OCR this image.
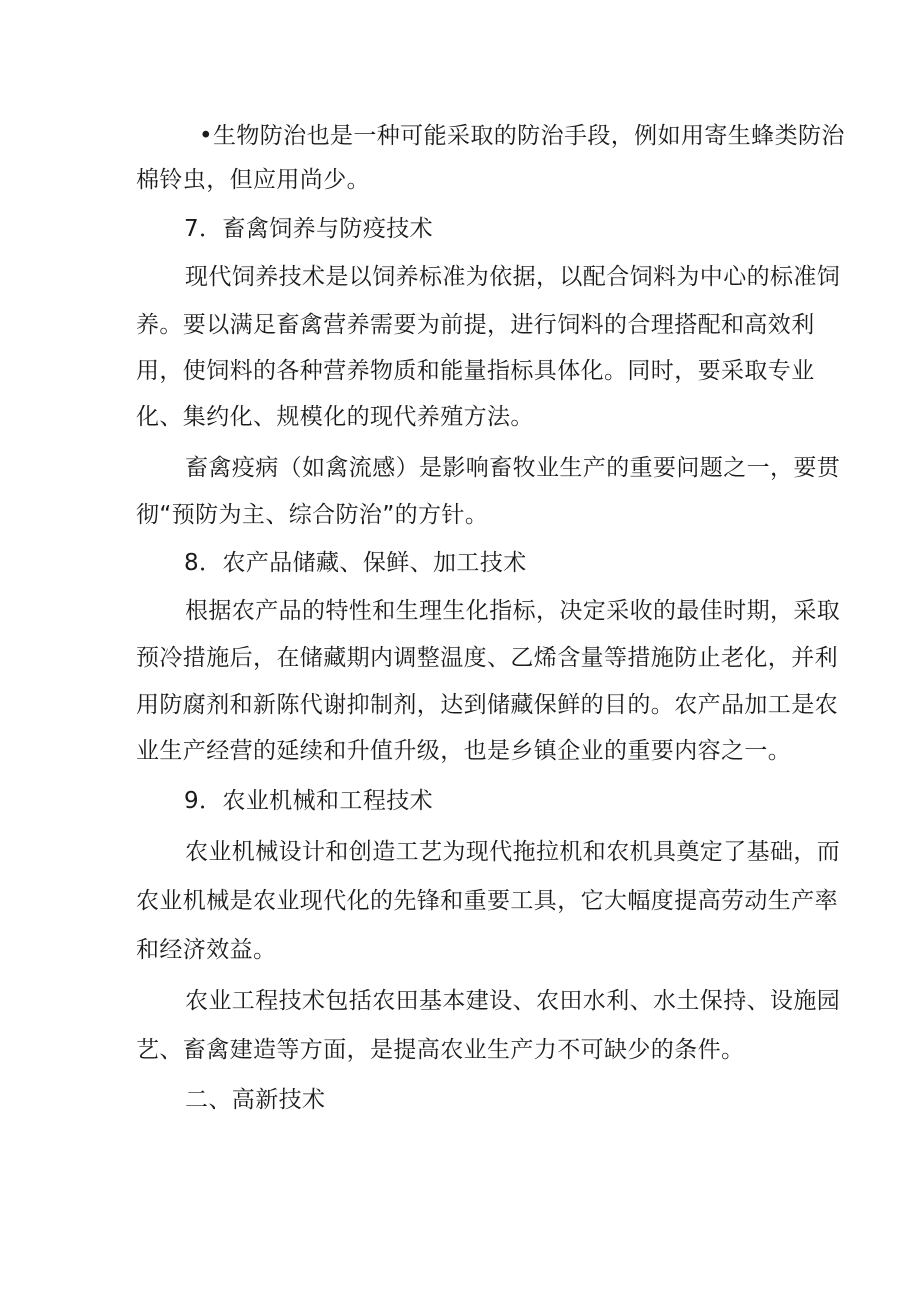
•生物防治也是一种可能采取的防治手段，例如用寄生蜂类防治
棉铃虫，但应用尚少。
7．畜禽饲养与防疫技术
现代饲养技术是以饲养标准为依据，以配合饲料为中心的标准饲
养。要以满足畜禽营养需要为前提，进行饲料的合理搭配和高效利
用，使饲料的各种营养物质和能量指标具体化。同时，要采取专业
化、集约化、规模化的现代养殖方法。
畜禽疫病（如禽流感）是影响畜牧业生产的重要问题之一，要贯
彻“预防为主、综合防治”的方针。
8．农产品储藏、保鲜、加工技术
根据农产品的特性和生理生化指标，决定采收的最佳时期，采取
预冷措施后，在储藏期内调整温度、乙烯含量等措施防止老化，并利
用防腐剂和新陈代谢抑制剂，达到储藏保鲜的目的。农产品加工是农
业生产经营的延续和升值升级，也是乡镇企业的重要内容之一。
9．农业机械和工程技术
农业机械设计和创造工艺为现代拖拉机和农机具奠定了基础，而
农业机械是农业现代化的先锋和重要工具，它大幅度提高劳动生产率
和经济效益。
农业工程技术包括农田基本建设、农田水利、水土保持、设施园
艺、畜禽建造等方面，是提高农业生产力不可缺少的条件。
二、高新技术
